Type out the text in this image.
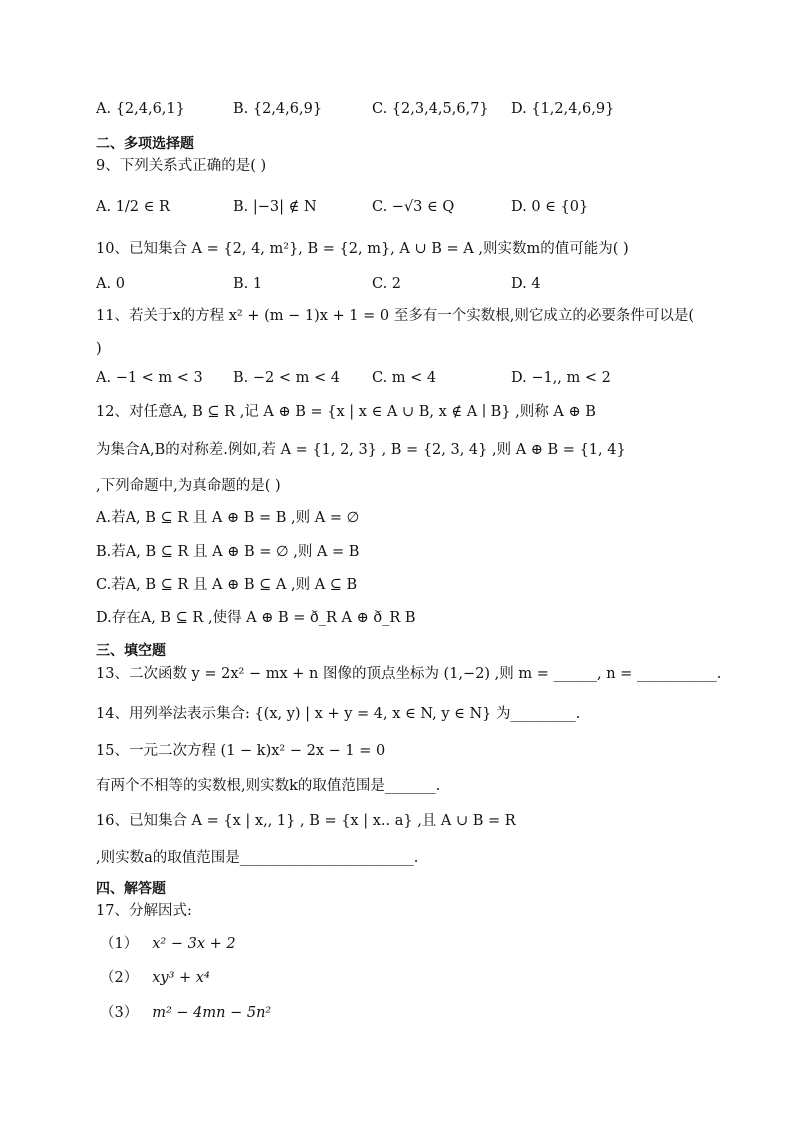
A. {2,4,6,1}	B. {2,4,6,9}	C. {2,3,4,5,6,7} D. {1,2,4,6,9}
二、多项选择题
9、下列关系式正确的是( )
A. 1/2 ∈ R	B. |−3| ∉ N	C. −√3 ∈ Q	D. 0 ∈ {0}
10、已知集合 A = {2, 4, m²}, B = {2, m}, A ∪ B = A ,则实数m的值可能为( )
A. 0	B. 1	C. 2	D. 4
11、若关于x的方程 x² + (m − 1)x + 1 = 0 至多有一个实数根,则它成立的必要条件可以是(
)
A. −1 < m < 3 B. −2 < m < 4 C. m < 4	D. −1,, m < 2
12、对任意A, B ⊆ R ,记 A ⊕ B = {x | x ∈ A ∪ B, x ∉ A ∣ B} ,则称 A ⊕ B
为集合A,B的对称差.例如,若 A = {1, 2, 3} , B = {2, 3, 4} ,则 A ⊕ B = {1, 4}
,下列命题中,为真命题的是( )
A.若A, B ⊆ R 且 A ⊕ B = B ,则 A = ∅
B.若A, B ⊆ R 且 A ⊕ B = ∅ ,则 A = B
C.若A, B ⊆ R 且 A ⊕ B ⊆ A ,则 A ⊆ B
D.存在A, B ⊆ R ,使得 A ⊕ B = ð_R A ⊕ ð_R B
三、填空题
13、二次函数 y = 2x² − mx + n 图像的顶点坐标为 (1,−2) ,则 m = ______, n = ___________.
14、用列举法表示集合: {(x, y) | x + y = 4, x ∈ N, y ∈ N} 为_________.
15、一元二次方程 (1 − k)x² − 2x − 1 = 0
有两个不相等的实数根,则实数k的取值范围是_______.
16、已知集合 A = {x | x,, 1} , B = {x | x.. a} ,且 A ∪ B = R
,则实数a的取值范围是________________________.
四、解答题
17、分解因式:
（1） x² − 3x + 2
（2） xy³ + x⁴
（3） m² − 4mn − 5n²
